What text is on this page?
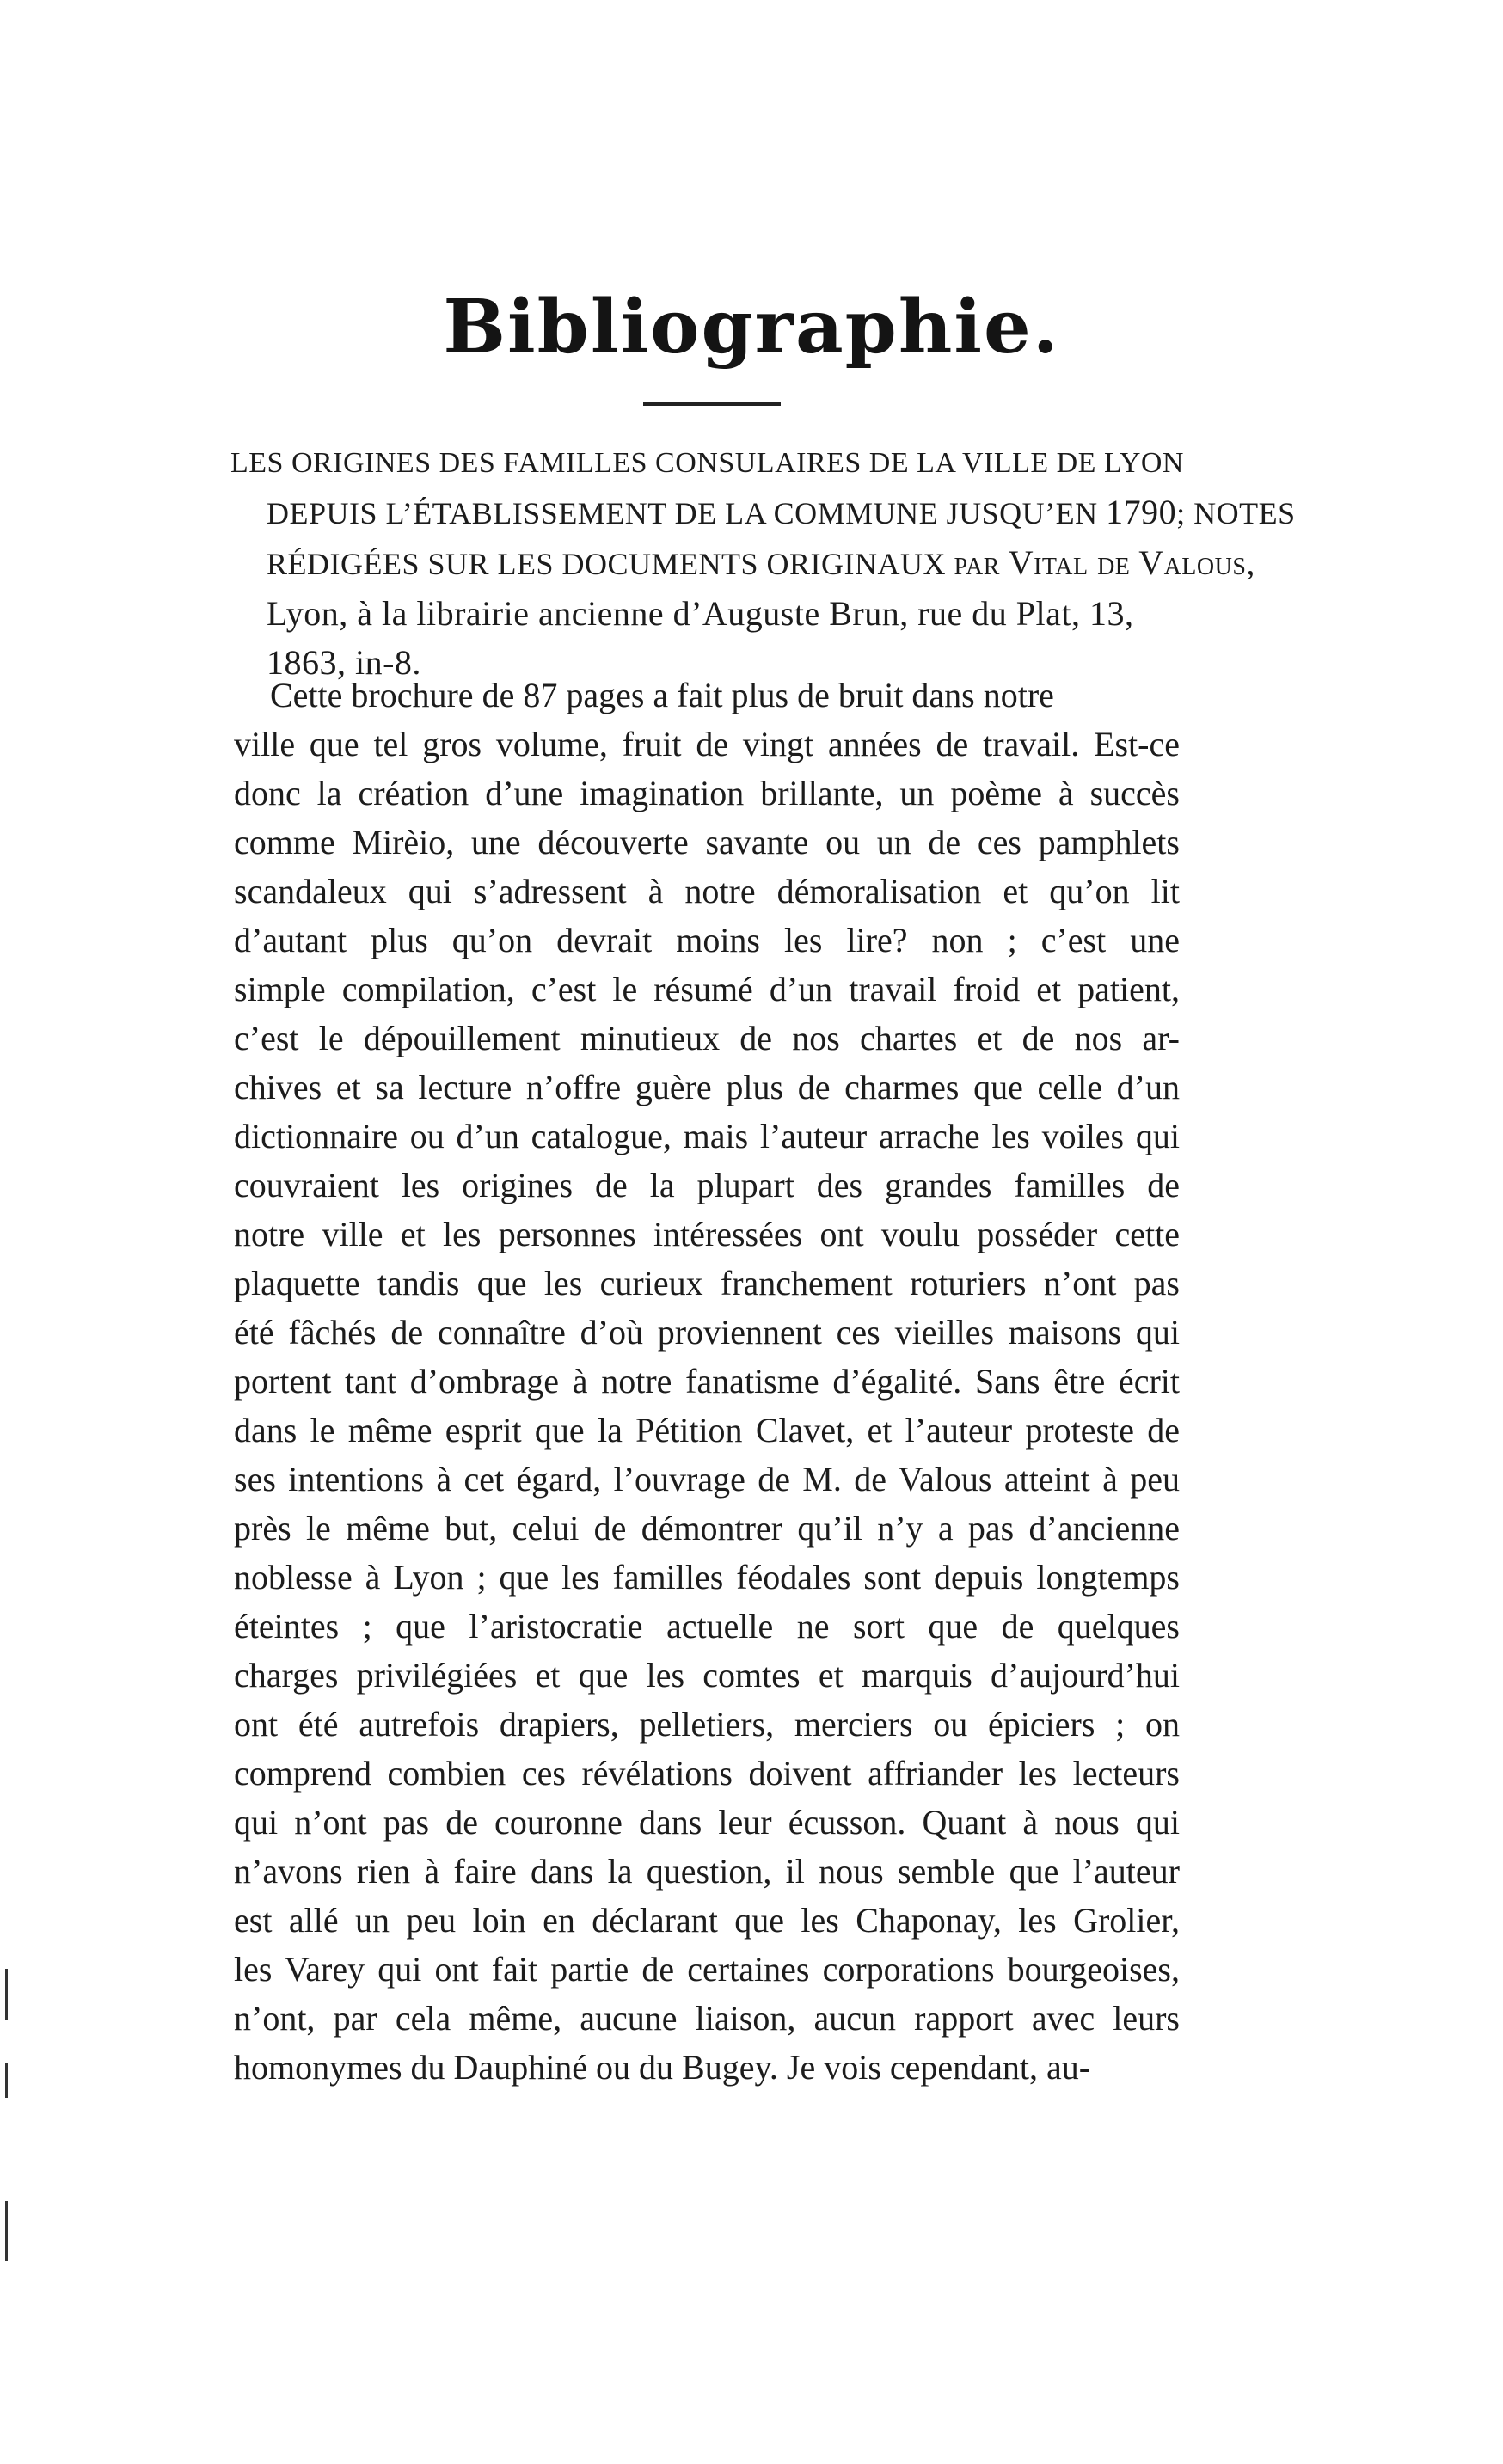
Bibliographie.
LES ORIGINES DES FAMILLES CONSULAIRES DE LA VILLE DE LYON
DEPUIS L’ÉTABLISSEMENT DE LA COMMUNE JUSQU’EN 1790; NOTES
RÉDIGÉES SUR LES DOCUMENTS ORIGINAUX par Vital de Valous,
Lyon, à la librairie ancienne d’Auguste Brun, rue du Plat, 13,
1863, in-8.
Cette brochure de 87 pages a fait plus de bruit dans notre
ville que tel gros volume, fruit de vingt années de travail. Est-ce
donc la création d’une imagination brillante, un poème à succès
comme Mirèio, une découverte savante ou un de ces pamphlets
scandaleux qui s’adressent à notre démoralisation et qu’on lit
d’autant plus qu’on devrait moins les lire? non ; c’est une
simple compilation, c’est le résumé d’un travail froid et patient,
c’est le dépouillement minutieux de nos chartes et de nos ar-
chives et sa lecture n’offre guère plus de charmes que celle d’un
dictionnaire ou d’un catalogue, mais l’auteur arrache les voiles qui
couvraient les origines de la plupart des grandes familles de
notre ville et les personnes intéressées ont voulu posséder cette
plaquette tandis que les curieux franchement roturiers n’ont pas
été fâchés de connaître d’où proviennent ces vieilles maisons qui
portent tant d’ombrage à notre fanatisme d’égalité. Sans être écrit
dans le même esprit que la Pétition Clavet, et l’auteur proteste de
ses intentions à cet égard, l’ouvrage de M. de Valous atteint à peu
près le même but, celui de démontrer qu’il n’y a pas d’ancienne
noblesse à Lyon ; que les familles féodales sont depuis longtemps
éteintes ; que l’aristocratie actuelle ne sort que de quelques
charges privilégiées et que les comtes et marquis d’aujourd’hui
ont été autrefois drapiers, pelletiers, merciers ou épiciers ; on
comprend combien ces révélations doivent affriander les lecteurs
qui n’ont pas de couronne dans leur écusson. Quant à nous qui
n’avons rien à faire dans la question, il nous semble que l’auteur
est allé un peu loin en déclarant que les Chaponay, les Grolier,
les Varey qui ont fait partie de certaines corporations bourgeoises,
n’ont, par cela même, aucune liaison, aucun rapport avec leurs
homonymes du Dauphiné ou du Bugey. Je vois cependant, au-
